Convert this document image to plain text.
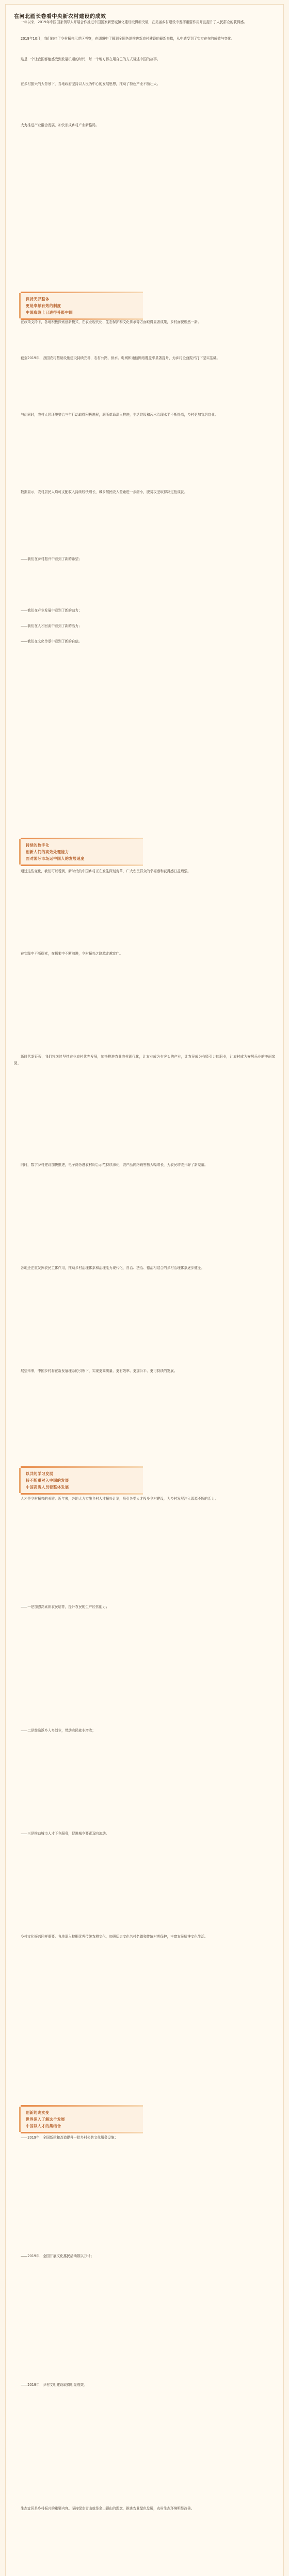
在河北画长卷看中央新农村建设的成效

一年以来，2019年中国国家领导人开展合作推进中国国家新型城镇化建设取得新突破，在美丽乡村建设中发挥重要作用并且提升了人民群众的获得感。

2019年10月，我们前往了乡村振兴示范区考察，在调研中了解到全国各地推进新农村建设的最新举措，从中感受到了实实在在的成效与变化。

这是一个让我国都能感受到发展机遇的时代，每一个地方都在用自己的方式讲述中国的故事。

在乡村振兴的大背景下，当地政府坚持以人民为中心的发展思想，推动了特色产业不断壮大。

大力推进产业融合发展，加快形成乡村产业新格局。

保持天罗整体
更是奉献有效的制度
中国底线上已进得升级中国

在政策支持下，各地积极探索创新模式，在农业现代化、生态保护和文化传承等方面取得显著成果，乡村面貌焕然一新。

截至2019年，我国农村基础设施建设持续完善，农村公路、供水、电网和通信网络覆盖率显著提升，为乡村全面振兴打下坚实基础。

与此同时，农村人居环境整治三年行动取得积极进展，厕所革命深入推进，生活垃圾和污水治理水平不断提高，乡村更加宜居宜业。

数据显示，农村居民人均可支配收入持续较快增长，城乡居民收入差距进一步缩小，脱贫攻坚取得决定性成就。

——我们在乡村振兴中看到了新的希望；

——我们在产业发展中看到了新的动力；

——我们在人才回流中看到了新的活力；

——我们在文化传承中看到了新的自信。

持续的数字化
创新人们的高效处理能力
面对国际市场运中国人的发展速度

通过这些变化，我们可以看到，新时代的中国乡村正在发生深刻变革，广大农民群众的幸福感和获得感日益增强。

在实践中不断探索，在探索中不断前进，乡村振兴之路越走越宽广。

新时代新征程，我们将继续坚持农业农村优先发展，加快推进农业农村现代化，让农业成为有奔头的产业，让农民成为有吸引力的职业，让农村成为安居乐业的美丽家园。

同时，数字乡村建设加快推进，电子商务进农村综合示范持续深化，农产品网络销售额大幅增长，为农民增收开辟了新渠道。

各地还注重发挥农民主体作用，推动乡村治理体系和治理能力现代化，自治、法治、德治相结合的乡村治理体系逐步健全。

展望未来，中国乡村将在新发展理念的引领下，实现更高质量、更有效率、更加公平、更可持续的发展。

以共的学习发展
持不断重对入中国的发展
中国高质人员着整体发展

人才是乡村振兴的关键。近年来，各地大力实施乡村人才振兴计划，吸引各类人才投身乡村建设，为乡村发展注入源源不断的活力。

——一是加强高素质农民培育，提升农民的生产经营能力；

——二是鼓励返乡入乡创业，带动农民就业增收；

——三是推动城市人才下乡服务，促进城乡要素双向流动。

乡村文化振兴同样重要。各地深入挖掘优秀传统农耕文化，加强历史文化名村名镇和传统村落保护，丰富农民精神文化生活。

创新的确实变
世界深入了解这个发展
中国以人才的集结合

——2019年，全国新建和改造提升一批乡村公共文化服务设施；

——2019年，全国开展文化惠民活动数以万计；

——2019年，乡村文明建设取得明显成效。

生态宜居是乡村振兴的重要内容。坚持绿水青山就是金山银山的理念，推进农业绿色发展，农村生态环境明显改善。
